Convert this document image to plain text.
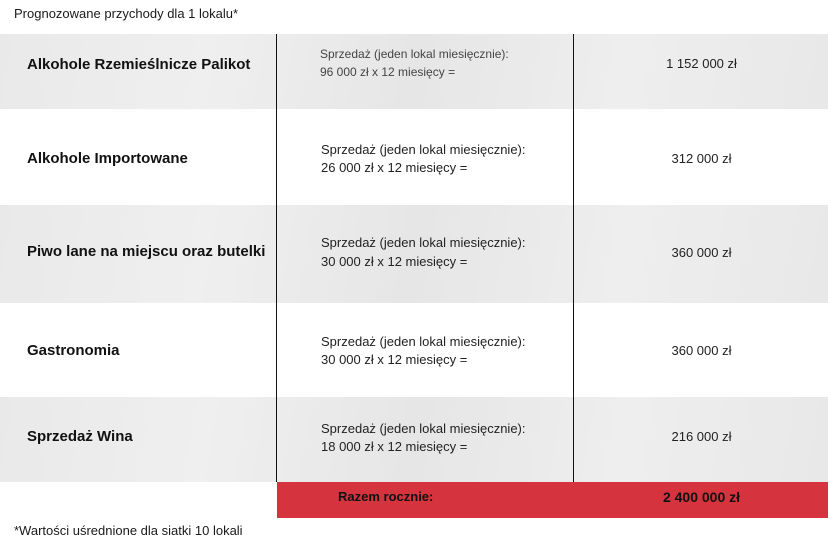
Prognozowane przychody dla 1 lokalu*
Alkohole Rzemieślnicze Palikot
Sprzedaż (jeden lokal miesięcznie):
96 000 zł x 12 miesięcy =
1 152 000 zł
Alkohole Importowane
Sprzedaż (jeden lokal miesięcznie):
26 000 zł x 12 miesięcy =
312 000 zł
Piwo lane na miejscu oraz butelki
Sprzedaż (jeden lokal miesięcznie):
30 000 zł x 12 miesięcy =
360 000 zł
Gastronomia
Sprzedaż (jeden lokal miesięcznie):
30 000 zł x 12 miesięcy =
360 000 zł
Sprzedaż Wina	Sprzedaż (jeden lokal miesięcznie):
18 000 zł x 12 miesięcy =
216 000 zł
Razem rocznie:	2 400 000 zł
*Wartości uśrednione dla siatki 10 lokali
